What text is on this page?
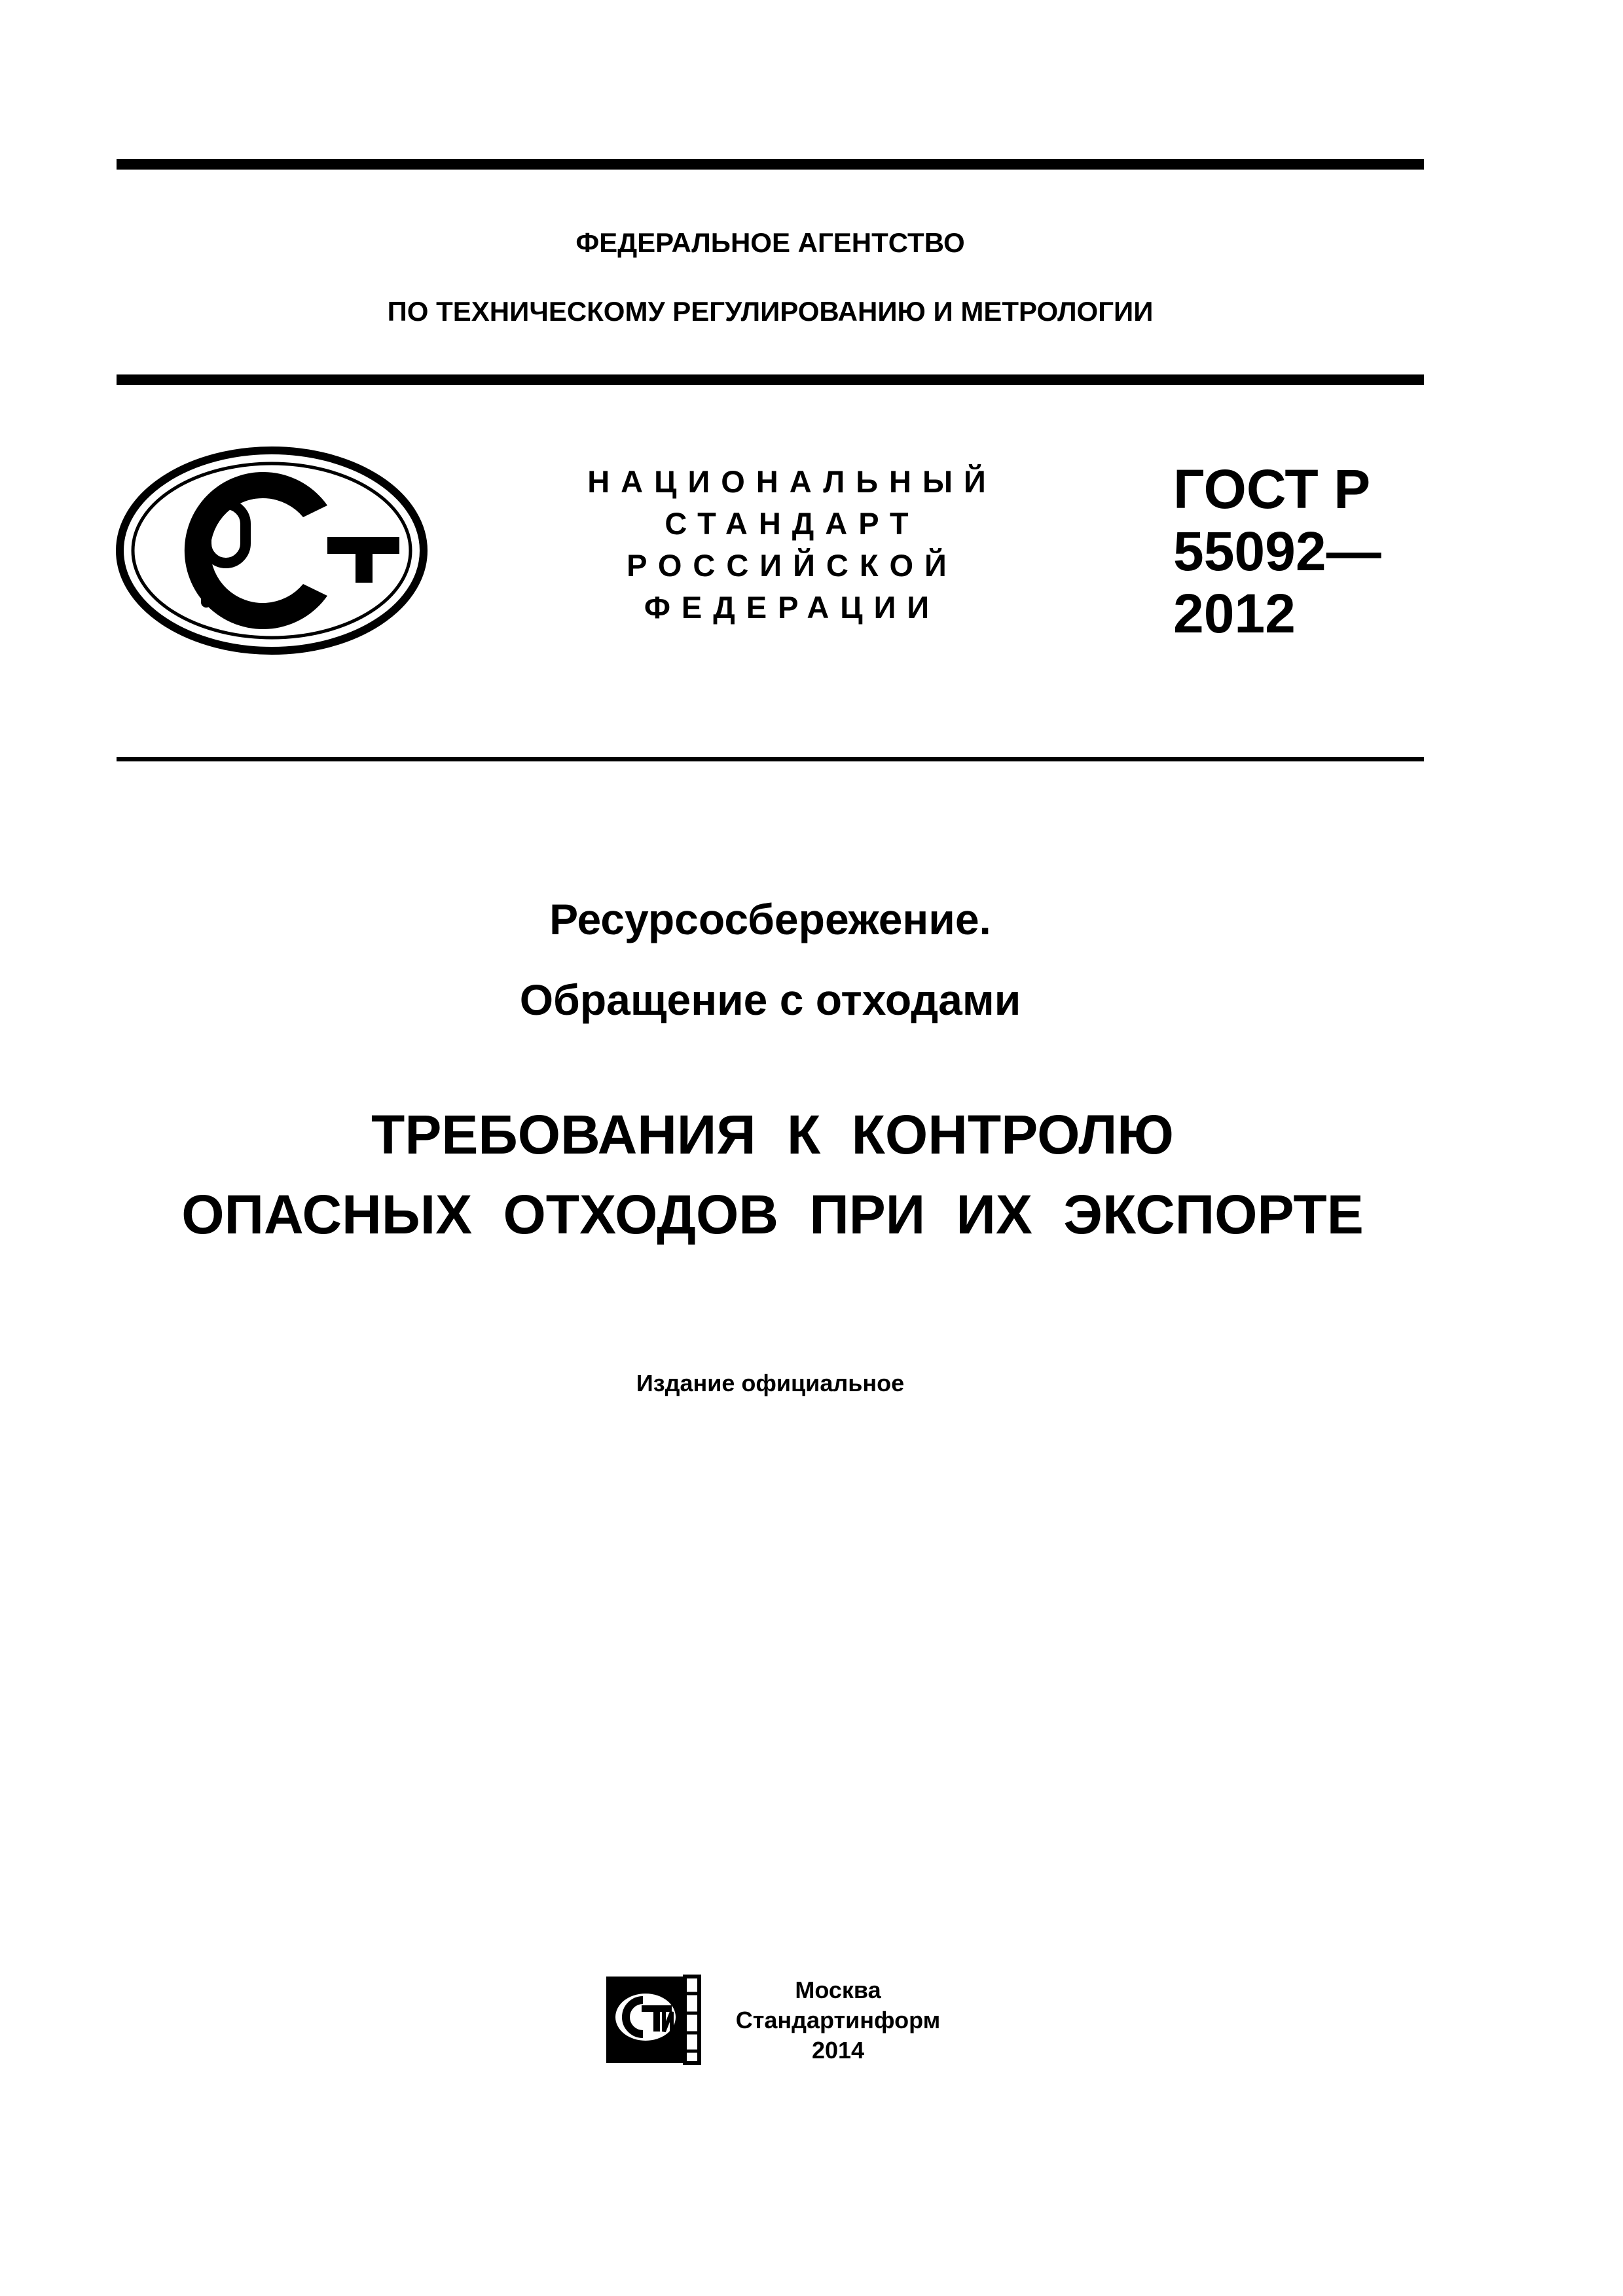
ФЕДЕРАЛЬНОЕ АГЕНТСТВО
ПО ТЕХНИЧЕСКОМУ РЕГУЛИРОВАНИЮ И МЕТРОЛОГИИ
НАЦИОНАЛЬНЫЙ
СТАНДАРТ
РОССИЙСКОЙ
ФЕДЕРАЦИИ
ГОСТ Р
55092—
2012
Ресурсосбережение.
Обращение с отходами
ТРЕБОВАНИЯ К КОНТРОЛЮ
ОПАСНЫХ ОТХОДОВ ПРИ ИХ ЭКСПОРТЕ
Издание официальное
Москва
Стандартинформ
2014
